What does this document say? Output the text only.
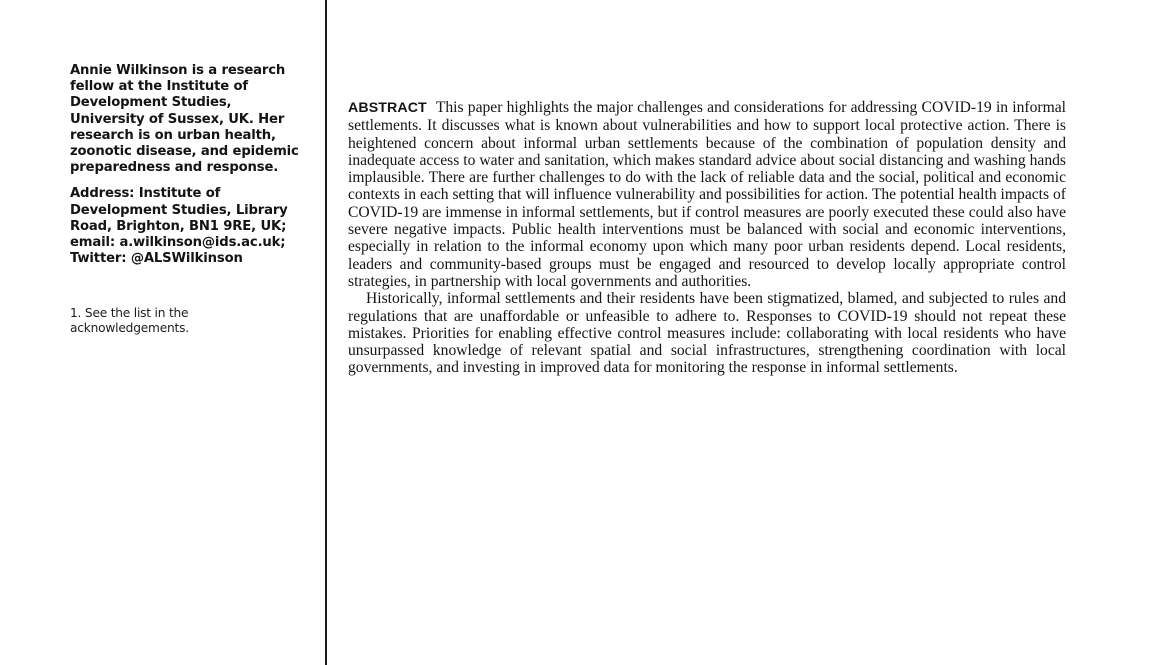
Annie Wilkinson is a research fellow at the Institute of Development Studies, University of Sussex, UK. Her research is on urban health, zoonotic disease, and epidemic preparedness and response.

Address: Institute of Development Studies, Library Road, Brighton, BN1 9RE, UK; email: a.wilkinson@ids.ac.uk; Twitter: @ALSWilkinson

1. See the list in the acknowledgements.

ABSTRACT This paper highlights the major challenges and considerations for addressing COVID-19 in informal settlements. It discusses what is known about vulnerabilities and how to support local protective action. There is heightened concern about informal urban settlements because of the combination of population density and inadequate access to water and sanitation, which makes standard advice about social distancing and washing hands implausible. There are further challenges to do with the lack of reliable data and the social, political and economic contexts in each setting that will influence vulnerability and possibilities for action. The potential health impacts of COVID-19 are immense in informal settlements, but if control measures are poorly executed these could also have severe negative impacts. Public health interventions must be balanced with social and economic interventions, especially in relation to the informal economy upon which many poor urban residents depend. Local residents, leaders and community-based groups must be engaged and resourced to develop locally appropriate control strategies, in partnership with local governments and authorities.

Historically, informal settlements and their residents have been stigmatized, blamed, and subjected to rules and regulations that are unaffordable or unfeasible to adhere to. Responses to COVID-19 should not repeat these mistakes. Priorities for enabling effective control measures include: collaborating with local residents who have unsurpassed knowledge of relevant spatial and social infrastructures, strengthening coordination with local governments, and investing in improved data for monitoring the response in informal settlements.
